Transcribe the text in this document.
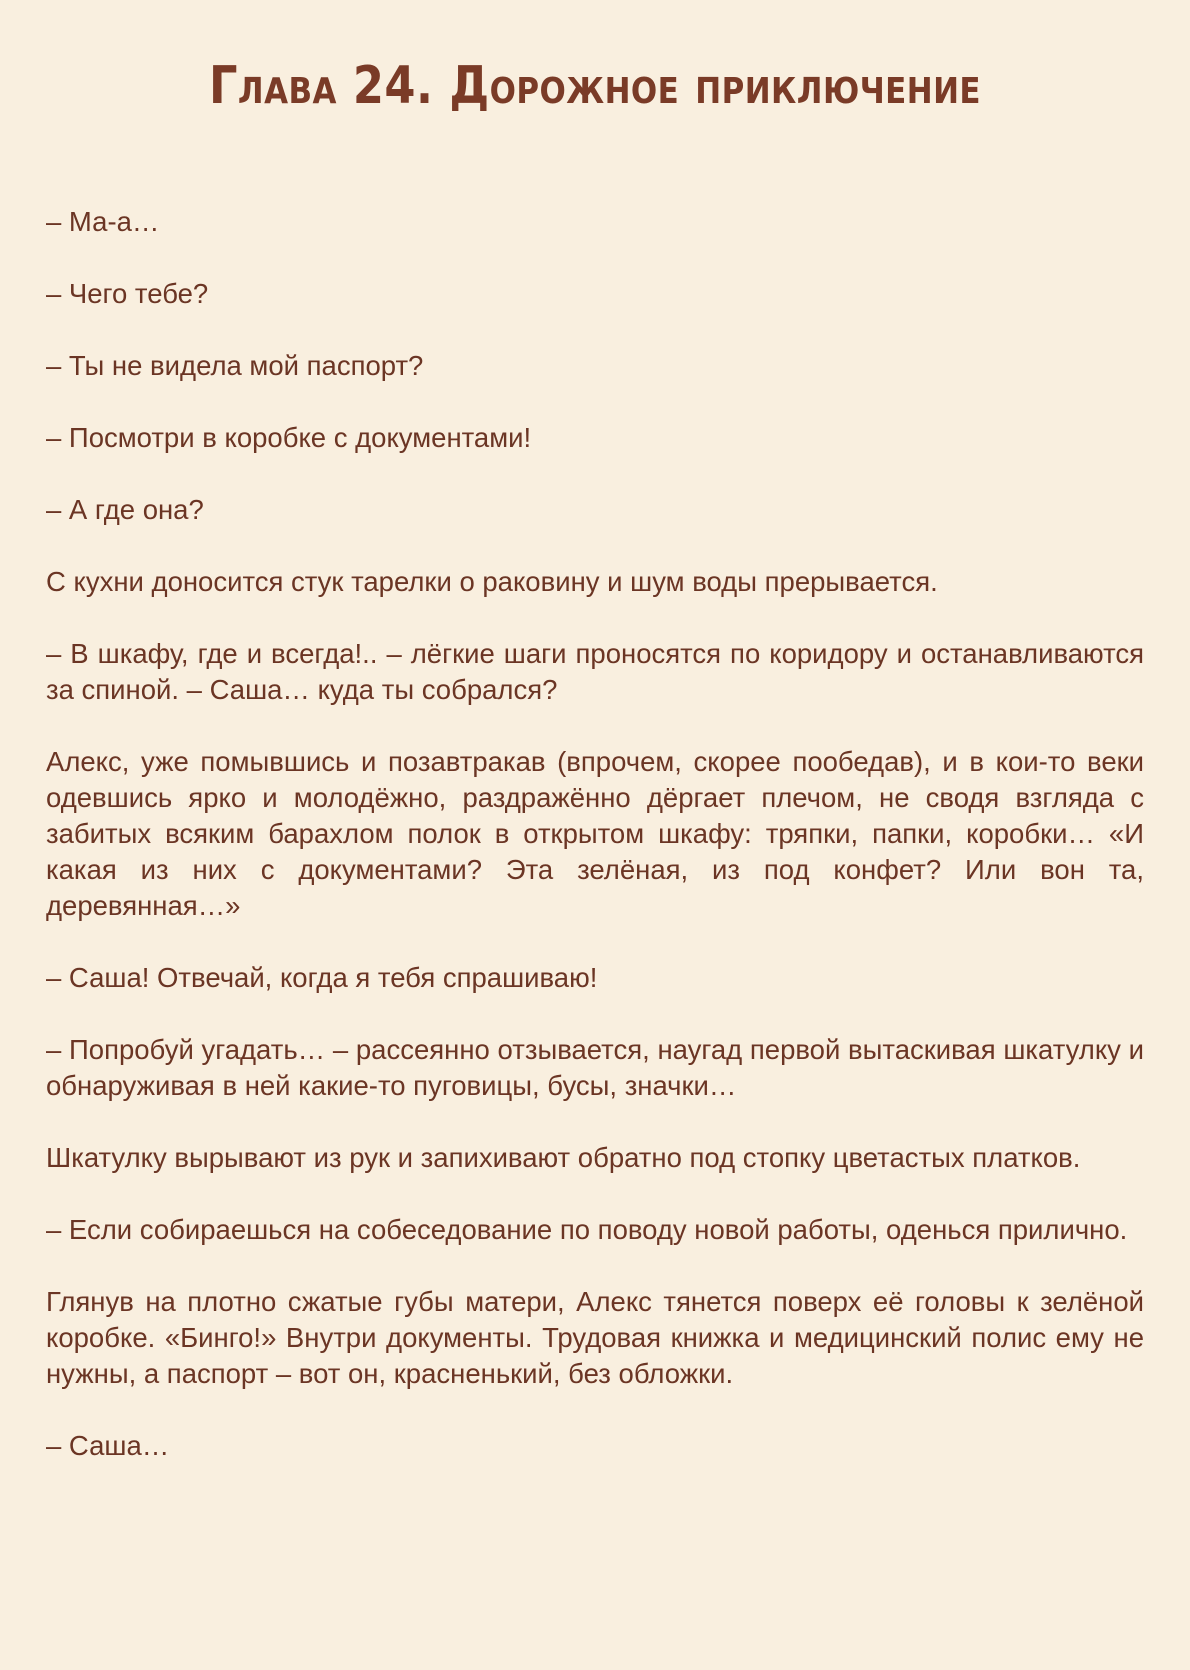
Глава 24. Дорожное приключение

– Ма-а…

– Чего тебе?

– Ты не видела мой паспорт?

– Посмотри в коробке с документами!

– А где она?

С кухни доносится стук тарелки о раковину и шум воды прерывается.

– В шкафу, где и всегда!.. – лёгкие шаги проносятся по коридору и останавливаются за спиной. – Саша… куда ты собрался?

Алекс, уже помывшись и позавтракав (впрочем, скорее пообедав), и в кои-то веки одевшись ярко и молодёжно, раздражённо дёргает плечом, не сводя взгляда с забитых всяким барахлом полок в открытом шкафу: тряпки, папки, коробки… «И какая из них с документами? Эта зелёная, из под конфет? Или вон та, деревянная…»

– Саша! Отвечай, когда я тебя спрашиваю!

– Попробуй угадать… – рассеянно отзывается, наугад первой вытаскивая шкатулку и обнаруживая в ней какие-то пуговицы, бусы, значки…

Шкатулку вырывают из рук и запихивают обратно под стопку цветастых платков.

– Если собираешься на собеседование по поводу новой работы, оденься прилично.

Глянув на плотно сжатые губы матери, Алекс тянется поверх её головы к зелёной коробке. «Бинго!» Внутри документы. Трудовая книжка и медицинский полис ему не нужны, а паспорт – вот он, красненький, без обложки.

– Саша…
